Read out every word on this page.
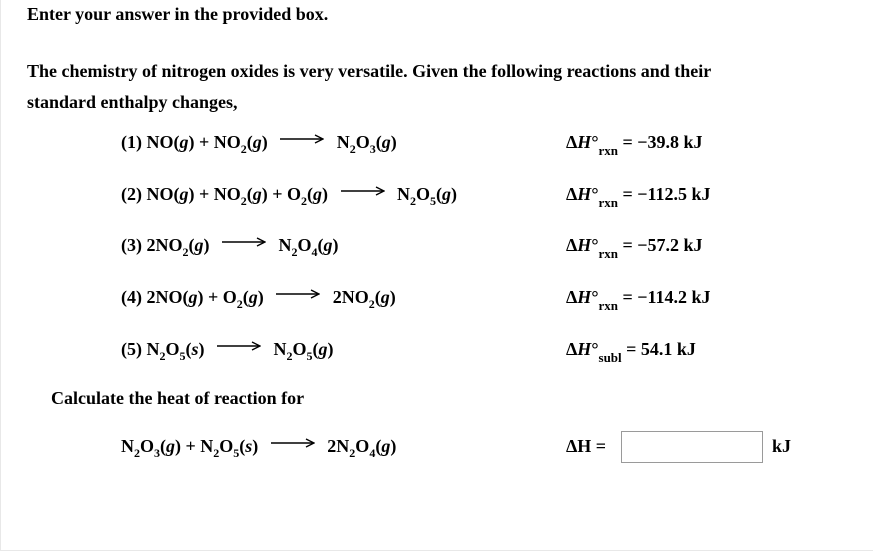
Enter your answer in the provided box.
The chemistry of nitrogen oxides is very versatile. Given the following reactions and their
standard enthalpy changes,
(1) $NO(g) + NO_2(g) \to N_2O_3(g)$	$\Delta H^\circ_{rxn} = -39.8$ kJ
(2) $NO(g) + NO_2(g) + O_2(g) \to N_2O_5(g)$	$\Delta H^\circ_{rxn} = -112.5$ kJ
(3) $2NO_2(g) \to N_2O_4(g)$	$\Delta H^\circ_{rxn} = -57.2$ kJ
(4) $2NO(g) + O_2(g) \to 2NO_2(g)$	$\Delta H^\circ_{rxn} = -114.2$ kJ
(5) $N_2O_5(s) \to N_2O_5(g)$	$\Delta H^\circ_{subl} = 54.1$ kJ
Calculate the heat of reaction for
$N_2O_3(g) + N_2O_5(s) \to 2N_2O_4(g)$	ΔH =	kJ
